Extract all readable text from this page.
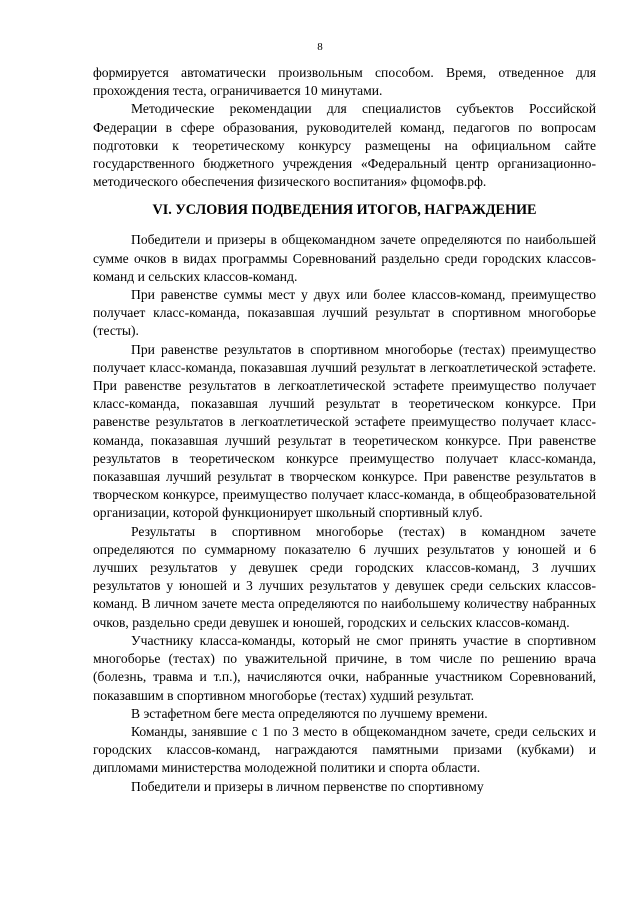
8

формируется автоматически произвольным способом. Время, отведенное для прохождения теста, ограничивается 10 минутами.

Методические рекомендации для специалистов субъектов Российской Федерации в сфере образования, руководителей команд, педагогов по вопросам подготовки к теоретическому конкурсу размещены на официальном сайте государственного бюджетного учреждения «Федеральный центр организационно-методического обеспечения физического воспитания» фцомофв.рф.

VI. УСЛОВИЯ ПОДВЕДЕНИЯ ИТОГОВ, НАГРАЖДЕНИЕ

Победители и призеры в общекомандном зачете определяются по наибольшей сумме очков в видах программы Соревнований раздельно среди городских классов-команд и сельских классов-команд.

При равенстве суммы мест у двух или более классов-команд, преимущество получает класс-команда, показавшая лучший результат в спортивном многоборье (тесты).

При равенстве результатов в спортивном многоборье (тестах) преимущество получает класс-команда, показавшая лучший результат в легкоатлетической эстафете. При равенстве результатов в легкоатлетической эстафете преимущество получает класс-команда, показавшая лучший результат в теоретическом конкурсе. При равенстве результатов в легкоатлетической эстафете преимущество получает класс-команда, показавшая лучший результат в теоретическом конкурсе. При равенстве результатов в теоретическом конкурсе преимущество получает класс-команда, показавшая лучший результат в творческом конкурсе. При равенстве результатов в творческом конкурсе, преимущество получает класс-команда, в общеобразовательной организации, которой функционирует школьный спортивный клуб.

Результаты в спортивном многоборье (тестах) в командном зачете определяются по суммарному показателю 6 лучших результатов у юношей и 6 лучших результатов у девушек среди городских классов-команд, 3 лучших результатов у юношей и 3 лучших результатов у девушек среди сельских классов-команд. В личном зачете места определяются по наибольшему количеству набранных очков, раздельно среди девушек и юношей, городских и сельских классов-команд.

Участнику класса-команды, который не смог принять участие в спортивном многоборье (тестах) по уважительной причине, в том числе по решению врача (болезнь, травма и т.п.), начисляются очки, набранные участником Соревнований, показавшим в спортивном многоборье (тестах) худший результат.

В эстафетном беге места определяются по лучшему времени.

Команды, занявшие с 1 по 3 место в общекомандном зачете, среди сельских и городских классов-команд, награждаются памятными призами (кубками) и дипломами министерства молодежной политики и спорта области.

Победители и призеры в личном первенстве по спортивному
